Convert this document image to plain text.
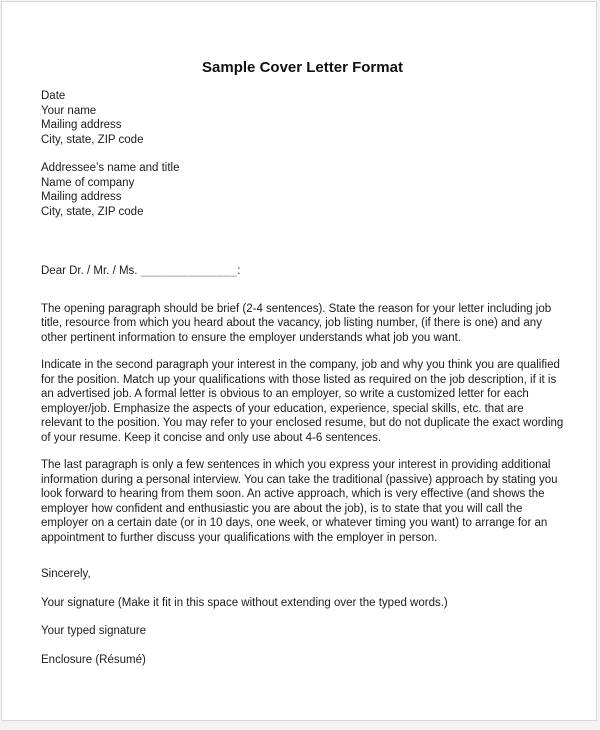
Sample Cover Letter Format
Date
Your name
Mailing address
City, state, ZIP code
Addressee’s name and title
Name of company
Mailing address
City, state, ZIP code
Dear Dr. / Mr. / Ms. ______________:

The opening paragraph should be brief (2-4 sentences). State the reason for your letter including job title, resource from which you heard about the vacancy, job listing number, (if there is one) and any other pertinent information to ensure the employer understands what job you want.

Indicate in the second paragraph your interest in the company, job and why you think you are qualified for the position. Match up your qualifications with those listed as required on the job description, if it is an advertised job. A formal letter is obvious to an employer, so write a customized letter for each employer/job. Emphasize the aspects of your education, experience, special skills, etc. that are relevant to the position. You may refer to your enclosed resume, but do not duplicate the exact wording of your resume. Keep it concise and only use about 4-6 sentences.

The last paragraph is only a few sentences in which you express your interest in providing additional information during a personal interview. You can take the traditional (passive) approach by stating you look forward to hearing from them soon. An active approach, which is very effective (and shows the employer how confident and enthusiastic you are about the job), is to state that you will call the employer on a certain date (or in 10 days, one week, or whatever timing you want) to arrange for an appointment to further discuss your qualifications with the employer in person.

Sincerely,

Your signature (Make it fit in this space without extending over the typed words.)

Your typed signature

Enclosure (Résumé)
